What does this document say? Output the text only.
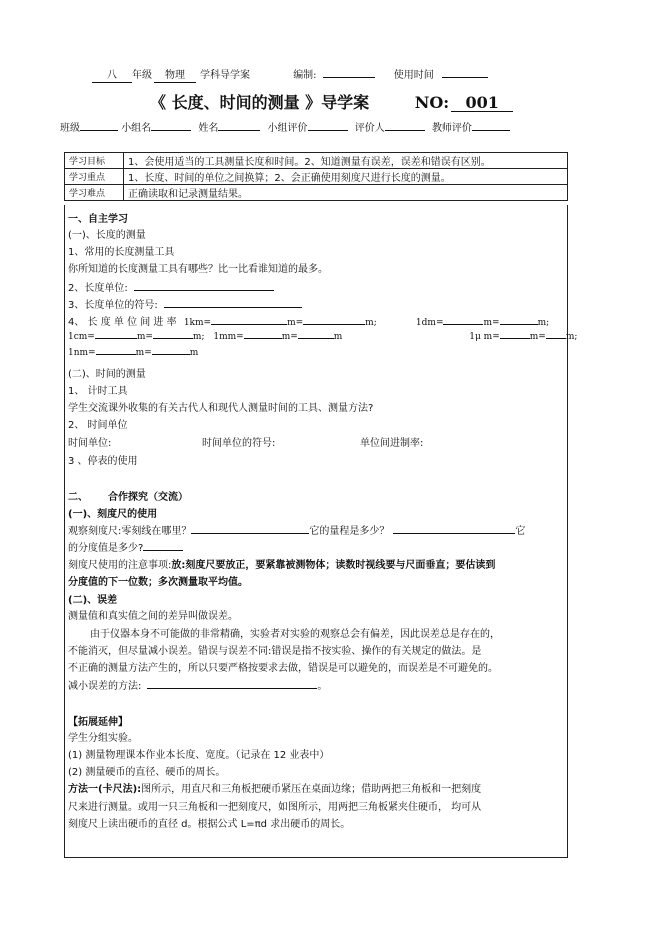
八 年级 物理 学科导学案	编制:	使用时间
《 长度、时间的测量 》导学案	NO: 001
班级	小组名	姓名	小组评价	评价人	教师评价
学习目标	1、会使用适当的工具测量长度和时间。2、知道测量有误差，误差和错误有区别。
学习重点	1、长度、时间的单位之间换算；2、会正确使用刻度尺进行长度的测量。
学习难点	正确读取和记录测量结果。
一、自主学习
(一)、长度的测量
1、常用的长度测量工具
你所知道的长度测量工具有哪些？比一比看谁知道的最多。
2、长度单位:
3、长度单位的符号:
4、 长 度 单 位 间 进 率 1km=	m=	m;	1dm=	m=	m;
1cm=	m=	m; 1mm=	m=	m	1μ m=	m= m;
1nm=	m=	m
(二)、时间的测量
1、 计时工具
学生交流课外收集的有关古代人和现代人测量时间的工具、测量方法?
2、 时间单位
时间单位:	时间单位的符号:	单位间进制率:
3 、停表的使用
二、 合作探究（交流）
(一)、刻度尺的使用
观察刻度尺:零刻线在哪里？	它的量程是多少？	它
的分度值是多少?
刻度尺使用的注意事项:放:刻度尺要放正，要紧靠被测物体；读数时视线要与尺面垂直；要估读到
分度值的下一位数；多次测量取平均值。
(二)、误差
测量值和真实值之间的差异叫做误差。
由于仪器本身不可能做的非常精确，实验者对实验的观察总会有偏差，因此误差总是存在的，
不能消灭，但尽量减小误差。错误与误差不同:错误是指不按实验、操作的有关规定的做法。是
不正确的测量方法产生的，所以只要严格按要求去做，错误是可以避免的，而误差是不可避免的。
减小误差的方法:	。
【拓展延伸】
学生分组实验。
(1) 测量物理课本作业本长度、宽度。（记录在 12 业表中）
(2) 测量硬币的直径、硬币的周长。
方法一(卡尺法):图所示，用直尺和三角板把硬币紧压在桌面边缘；借助两把三角板和一把刻度
尺来进行测量。或用一只三角板和一把刻度尺，如图所示，用两把三角板紧夹住硬币， 均可从
刻度尺上读出硬币的直径 d。根据公式 L=πd 求出硬币的周长。
